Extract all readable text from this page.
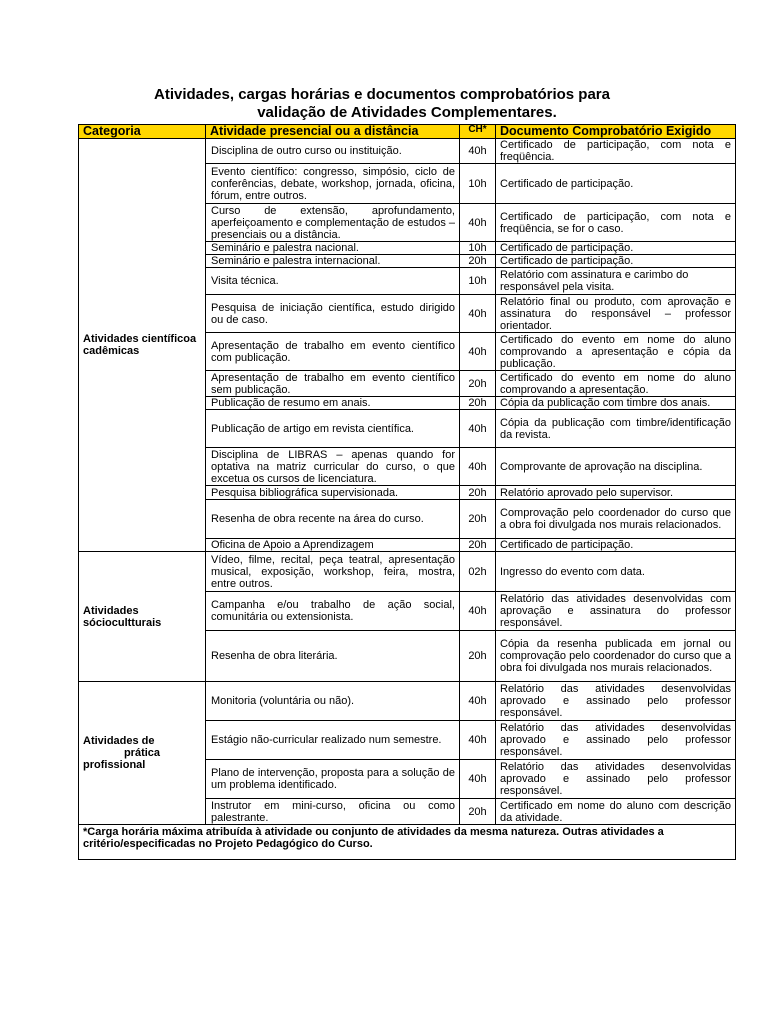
Atividades, cargas horárias e documentos comprobatórios para
validação de Atividades Complementares.
Categoria	Atividade presencial ou a distância	CH*	Documento Comprobatório Exigido
Atividades científicoacadêmicas	Disciplina de outro curso ou instituição.	40h	Certificado de participação, com nota e freqüência.
	Evento científico: congresso, simpósio, ciclo de conferências, debate, workshop, jornada, oficina, fórum, entre outros.	10h	Certificado de participação.
	Curso de extensão, aprofundamento, aperfeiçoamento e complementação de estudos – presenciais ou a distância.	40h	Certificado de participação, com nota e freqüência, se for o caso.
	Seminário e palestra nacional.	10h	Certificado de participação.
	Seminário e palestra internacional.	20h	Certificado de participação.
	Visita técnica.	10h	Relatório com assinatura e carimbo do responsável pela visita.
	Pesquisa de iniciação científica, estudo dirigido ou de caso.	40h	Relatório final ou produto, com aprovação e assinatura do responsável – professor orientador.
	Apresentação de trabalho em evento científico com publicação.	40h	Certificado do evento em nome do aluno comprovando a apresentação e cópia da publicação.
	Apresentação de trabalho em evento científico sem publicação.	20h	Certificado do evento em nome do aluno comprovando a apresentação.
	Publicação de resumo em anais.	20h	Cópia da publicação com timbre dos anais.
	Publicação de artigo em revista científica.	40h	Cópia da publicação com timbre/identificação da revista.
	Disciplina de LIBRAS – apenas quando for optativa na matriz curricular do curso, o que excetua os cursos de licenciatura.	40h	Comprovante de aprovação na disciplina.
	Pesquisa bibliográfica supervisionada.	20h	Relatório aprovado pelo supervisor.
	Resenha de obra recente na área do curso.	20h	Comprovação pelo coordenador do curso que a obra foi divulgada nos murais relacionados.
	Oficina de Apoio a Aprendizagem	20h	Certificado de participação.
Atividades sóciocultturais	Vídeo, filme, recital, peça teatral, apresentação musical, exposição, workshop, feira, mostra, entre outros.	02h	Ingresso do evento com data.
	Campanha e/ou trabalho de ação social, comunitária ou extensionista.	40h	Relatório das atividades desenvolvidas com aprovação e assinatura do professor responsável.
	Resenha de obra literária.	20h	Cópia da resenha publicada em jornal ou comprovação pelo coordenador do curso que a obra foi divulgada nos murais relacionados.

Atividades de
prática
profissional	Monitoria (voluntária ou não).	40h	Relatório das atividades desenvolvidas aprovado e assinado pelo professor responsável.
	Estágio não-curricular realizado num semestre.	40h	Relatório das atividades desenvolvidas aprovado e assinado pelo professor responsável.
	Plano de intervenção, proposta para a solução de um problema identificado.	40h	Relatório das atividades desenvolvidas aprovado e assinado pelo professor responsável.
	Instrutor em mini-curso, oficina ou como palestrante.	20h	Certificado em nome do aluno com descrição da atividade.
*Carga horária máxima atribuída à atividade ou conjunto de atividades da mesma natureza. Outras atividades a critério/especificadas no Projeto Pedagógico do Curso.			
